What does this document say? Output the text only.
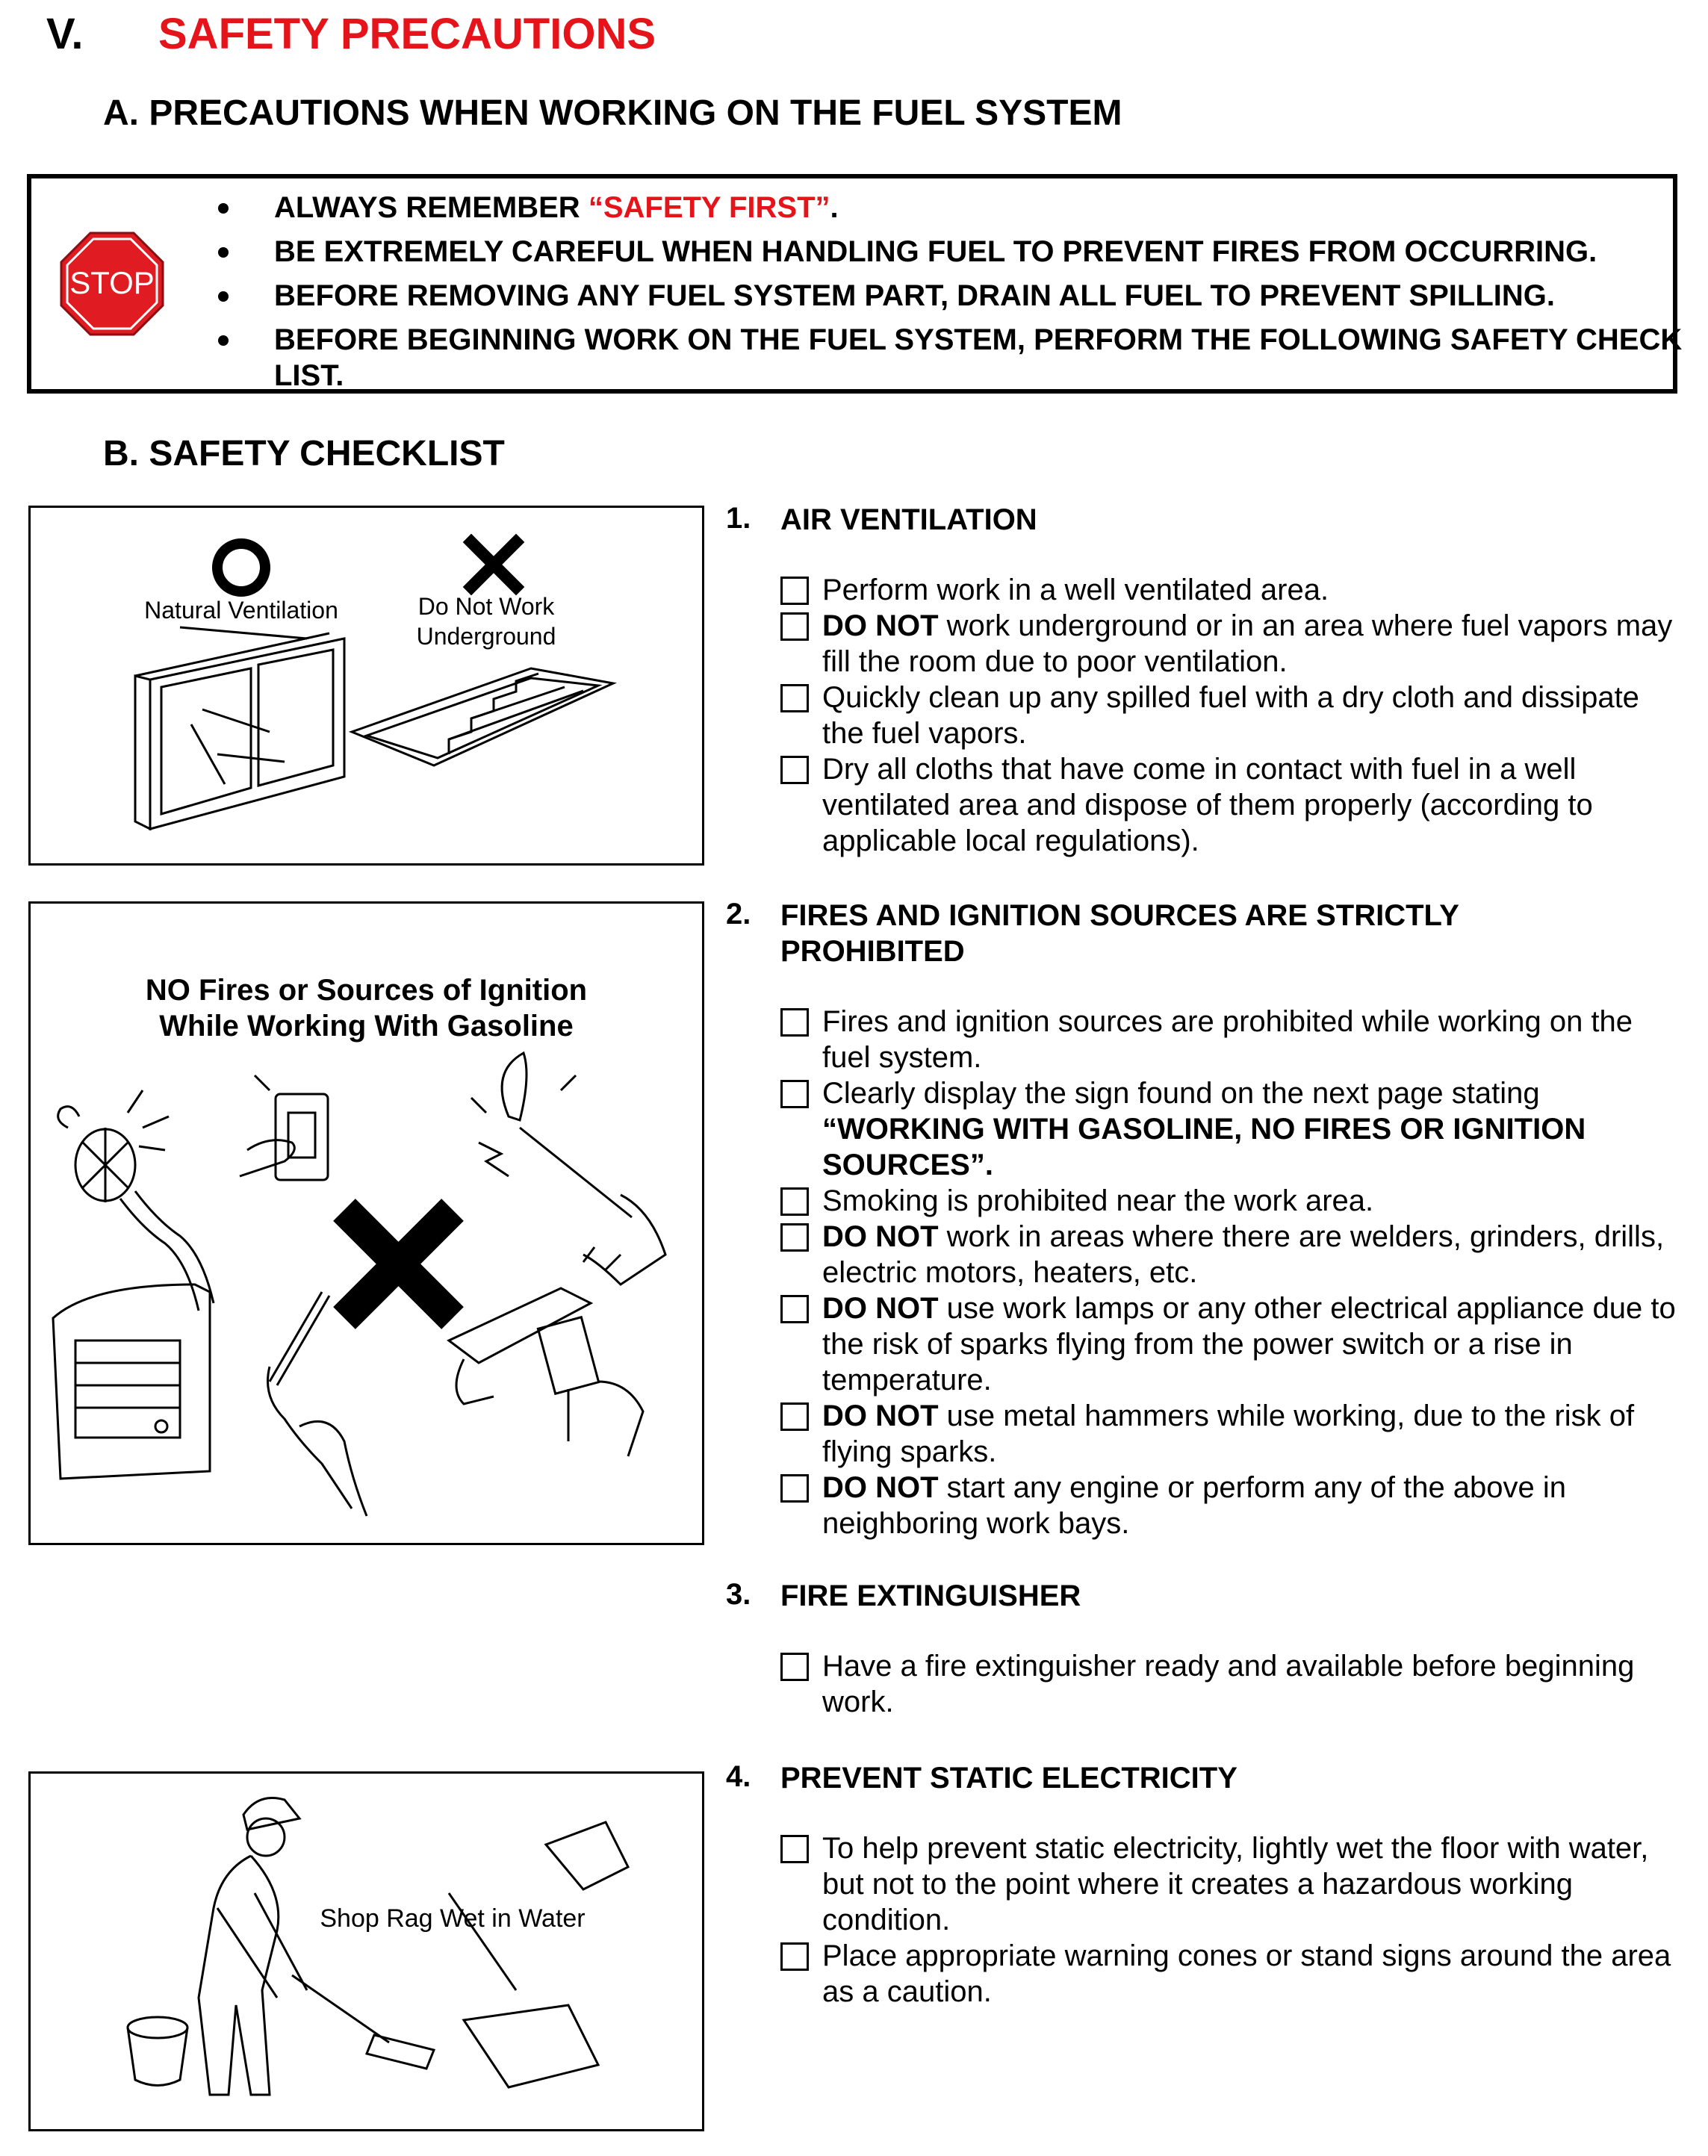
V. SAFETY PRECAUTIONS
A. PRECAUTIONS WHEN WORKING ON THE FUEL SYSTEM
ALWAYS REMEMBER “SAFETY FIRST”.
BE EXTREMELY CAREFUL WHEN HANDLING FUEL TO PREVENT FIRES FROM OCCURRING.
BEFORE REMOVING ANY FUEL SYSTEM PART, DRAIN ALL FUEL TO PREVENT SPILLING.
BEFORE BEGINNING WORK ON THE FUEL SYSTEM, PERFORM THE FOLLOWING SAFETY CHECK LIST.
STOP
B. SAFETY CHECKLIST
Natural Ventilation	Do Not Work
Underground
NO Fires or Sources of Ignition
While Working With Gasoline
Shop Rag Wet in Water
1. AIR VENTILATION
Perform work in a well ventilated area.
DO NOT work underground or in an area where fuel vapors may fill the room due to poor ventilation.
Quickly clean up any spilled fuel with a dry cloth and dissipate the fuel vapors.
Dry all cloths that have come in contact with fuel in a well ventilated area and dispose of them properly (according to applicable local regulations).
2. FIRES AND IGNITION SOURCES ARE STRICTLY PROHIBITED
Fires and ignition sources are prohibited while working on the fuel system.
Clearly display the sign found on the next page stating “WORKING WITH GASOLINE, NO FIRES OR IGNITION SOURCES”.
Smoking is prohibited near the work area.
DO NOT work in areas where there are welders, grinders, drills, electric motors, heaters, etc.
DO NOT use work lamps or any other electrical appliance due to the risk of sparks flying from the power switch or a rise in temperature.
DO NOT use metal hammers while working, due to the risk of flying sparks.
DO NOT start any engine or perform any of the above in neighboring work bays.
3. FIRE EXTINGUISHER
Have a fire extinguisher ready and available before beginning work.
4. PREVENT STATIC ELECTRICITY
To help prevent static electricity, lightly wet the floor with water, but not to the point where it creates a hazardous working condition.
Place appropriate warning cones or stand signs around the area as a caution.
